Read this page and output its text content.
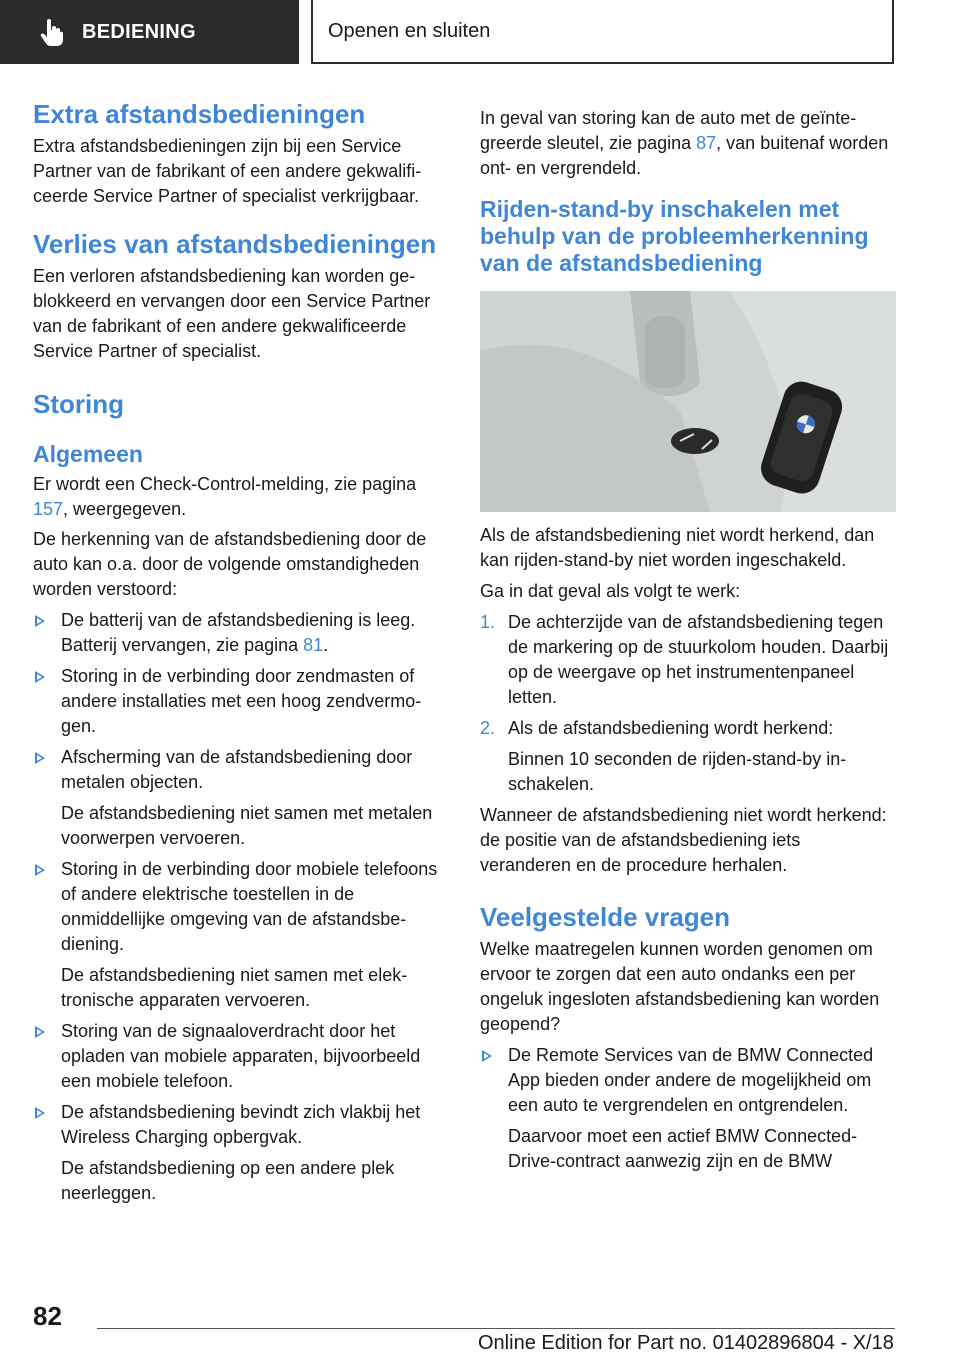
BEDIENING	Openen en sluiten
Extra afstandsbedieningen

Extra afstandsbedieningen zijn bij een Service Partner van de fabrikant of een andere gekwalificeerde Service Partner of specialist verkrijgbaar.

Verlies van afstandsbedieningen

Een verloren afstandsbediening kan worden geblokkeerd en vervangen door een Service Partner van de fabrikant of een andere gekwalificeerde Service Partner of specialist.

Storing
Algemeen

Er wordt een Check-Control-melding, zie pagina 157, weergegeven.

De herkenning van de afstandsbediening door de auto kan o.a. door de volgende omstandigheden worden verstoord:

De batterij van de afstandsbediening is leeg. Batterij vervangen, zie pagina 81.
Storing in de verbinding door zendmasten of andere installaties met een hoog zendvermogen.
Afscherming van de afstandsbediening door metalen objecten.

De afstandsbediening niet samen met metalen voorwerpen vervoeren.

Storing in de verbinding door mobiele telefoons of andere elektrische toestellen in de onmiddellijke omgeving van de afstandsbediening.

De afstandsbediening niet samen met elektronische apparaten vervoeren.

Storing van de signaaloverdracht door het opladen van mobiele apparaten, bijvoorbeeld een mobiele telefoon.
De afstandsbediening bevindt zich vlakbij het Wireless Charging opbergvak.

De afstandsbediening op een andere plek neerleggen.

In geval van storing kan de auto met de geïntegreerde sleutel, zie pagina 87, van buitenaf worden ont- en vergrendeld.

Rijden-stand-by inschakelen met behulp van de probleemherkenning van de afstandsbediening

Als de afstandsbediening niet wordt herkend, dan kan rijden-stand-by niet worden ingeschakeld.

Ga in dat geval als volgt te werk:

1. De achterzijde van de afstandsbediening tegen de markering op de stuurkolom houden. Daarbij op de weergave op het instrumentenpaneel letten.
2. Als de afstandsbediening wordt herkend:

Binnen 10 seconden de rijden-stand-by inschakelen.

Wanneer de afstandsbediening niet wordt herkend: de positie van de afstandsbediening iets veranderen en de procedure herhalen.

Veelgestelde vragen

Welke maatregelen kunnen worden genomen om ervoor te zorgen dat een auto ondanks een per ongeluk ingesloten afstandsbediening kan worden geopend?

De Remote Services van de BMW Connected App bieden onder andere de mogelijkheid om een auto te vergrendelen en ontgrendelen.

Daarvoor moet een actief BMW ConnectedDrive-contract aanwezig zijn en de BMW

82
Online Edition for Part no. 01402896804 - X/18
